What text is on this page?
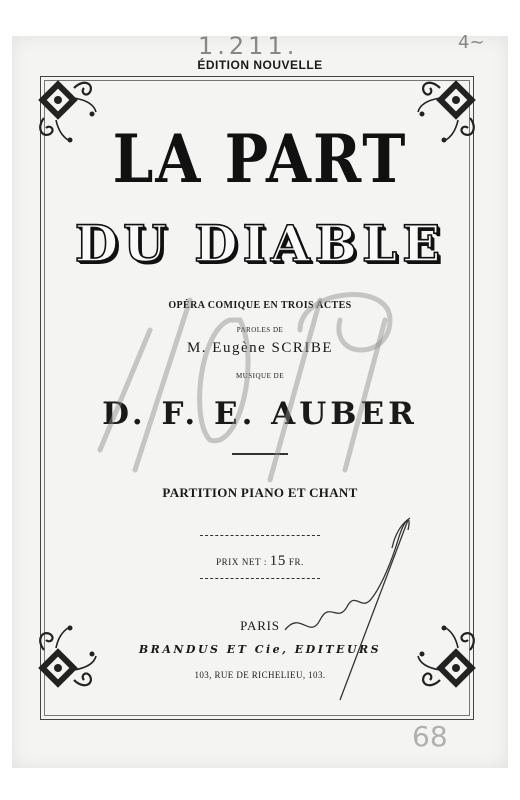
ÉDITION NOUVELLE
LA PART
DU DIABLE
OPÉRA COMIQUE EN TROIS ACTES
PAROLES DE
M. Eugène SCRIBE
MUSIQUE DE
D. F. E. AUBER
PARTITION PIANO ET CHANT
PRIX NET : 15 FR.
PARIS
BRANDUS ET Cie, EDITEURS
103, RUE DE RICHELIEU, 103.
1.211.	4~
68
